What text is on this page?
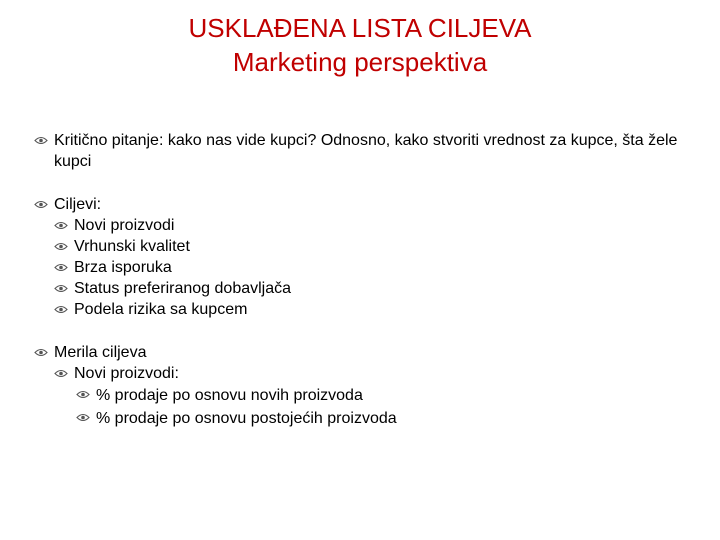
USKLAĐENA LISTA CILJEVA
Marketing perspektiva
Kritično pitanje: kako nas vide kupci? Odnosno, kako stvoriti vrednost za kupce, šta žele kupci
Ciljevi:
Novi proizvodi
Vrhunski kvalitet
Brza isporuka
Status preferiranog dobavljača
Podela rizika sa kupcem
Merila ciljeva
Novi proizvodi:
% prodaje po osnovu novih proizvoda
% prodaje po osnovu postojećih proizvoda
